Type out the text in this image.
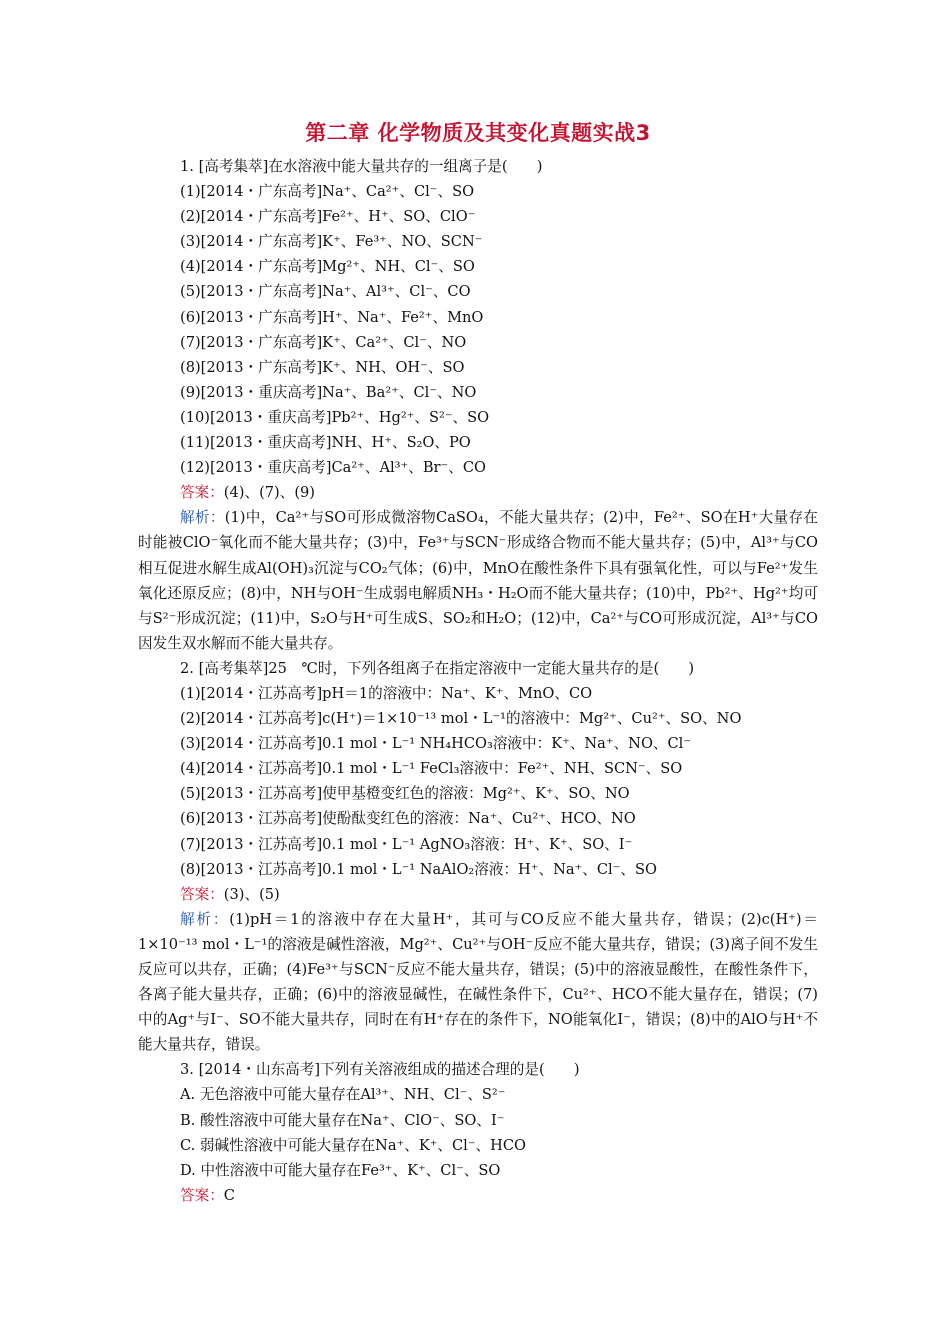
第二章 化学物质及其变化真题实战3
1. [高考集萃]在水溶液中能大量共存的一组离子是(　　)
(1)[2014・广东高考]Na⁺、Ca²⁺、Cl⁻、SO
(2)[2014・广东高考]Fe²⁺、H⁺、SO、ClO⁻
(3)[2014・广东高考]K⁺、Fe³⁺、NO、SCN⁻
(4)[2014・广东高考]Mg²⁺、NH、Cl⁻、SO
(5)[2013・广东高考]Na⁺、Al³⁺、Cl⁻、CO
(6)[2013・广东高考]H⁺、Na⁺、Fe²⁺、MnO
(7)[2013・广东高考]K⁺、Ca²⁺、Cl⁻、NO
(8)[2013・广东高考]K⁺、NH、OH⁻、SO
(9)[2013・重庆高考]Na⁺、Ba²⁺、Cl⁻、NO
(10)[2013・重庆高考]Pb²⁺、Hg²⁺、S²⁻、SO
(11)[2013・重庆高考]NH、H⁺、S₂O、PO
(12)[2013・重庆高考]Ca²⁺、Al³⁺、Br⁻、CO
答案：(4)、(7)、(9)

解析：(1)中，Ca²⁺与SO可形成微溶物CaSO₄，不能大量共存；(2)中，Fe²⁺、SO在H⁺大量存在时能被ClO⁻氧化而不能大量共存；(3)中，Fe³⁺与SCN⁻形成络合物而不能大量共存；(5)中，Al³⁺与CO相互促进水解生成Al(OH)₃沉淀与CO₂气体；(6)中，MnO在酸性条件下具有强氧化性，可以与Fe²⁺发生氧化还原反应；(8)中，NH与OH⁻生成弱电解质NH₃・H₂O而不能大量共存；(10)中，Pb²⁺、Hg²⁺均可与S²⁻形成沉淀；(11)中，S₂O与H⁺可生成S、SO₂和H₂O；(12)中，Ca²⁺与CO可形成沉淀，Al³⁺与CO因发生双水解而不能大量共存。

2. [高考集萃]25　℃时，下列各组离子在指定溶液中一定能大量共存的是(　　)
(1)[2014・江苏高考]pH＝1的溶液中：Na⁺、K⁺、MnO、CO
(2)[2014・江苏高考]c(H⁺)＝1×10⁻¹³ mol・L⁻¹的溶液中：Mg²⁺、Cu²⁺、SO、NO
(3)[2014・江苏高考]0.1 mol・L⁻¹ NH₄HCO₃溶液中：K⁺、Na⁺、NO、Cl⁻
(4)[2014・江苏高考]0.1 mol・L⁻¹ FeCl₃溶液中：Fe²⁺、NH、SCN⁻、SO
(5)[2013・江苏高考]使甲基橙变红色的溶液：Mg²⁺、K⁺、SO、NO
(6)[2013・江苏高考]使酚酞变红色的溶液：Na⁺、Cu²⁺、HCO、NO
(7)[2013・江苏高考]0.1 mol・L⁻¹ AgNO₃溶液：H⁺、K⁺、SO、I⁻
(8)[2013・江苏高考]0.1 mol・L⁻¹ NaAlO₂溶液：H⁺、Na⁺、Cl⁻、SO
答案：(3)、(5)

解析：(1)pH＝1的溶液中存在大量H⁺，其可与CO反应不能大量共存，错误；(2)c(H⁺)＝1×10⁻¹³ mol・L⁻¹的溶液是碱性溶液，Mg²⁺、Cu²⁺与OH⁻反应不能大量共存，错误；(3)离子间不发生反应可以共存，正确；(4)Fe³⁺与SCN⁻反应不能大量共存，错误；(5)中的溶液显酸性，在酸性条件下，各离子能大量共存，正确；(6)中的溶液显碱性，在碱性条件下，Cu²⁺、HCO不能大量存在，错误；(7)中的Ag⁺与I⁻、SO不能大量共存，同时在有H⁺存在的条件下，NO能氧化I⁻，错误；(8)中的AlO与H⁺不能大量共存，错误。

3. [2014・山东高考]下列有关溶液组成的描述合理的是(　　)
A. 无色溶液中可能大量存在Al³⁺、NH、Cl⁻、S²⁻
B. 酸性溶液中可能大量存在Na⁺、ClO⁻、SO、I⁻
C. 弱碱性溶液中可能大量存在Na⁺、K⁺、Cl⁻、HCO
D. 中性溶液中可能大量存在Fe³⁺、K⁺、Cl⁻、SO
答案：C
